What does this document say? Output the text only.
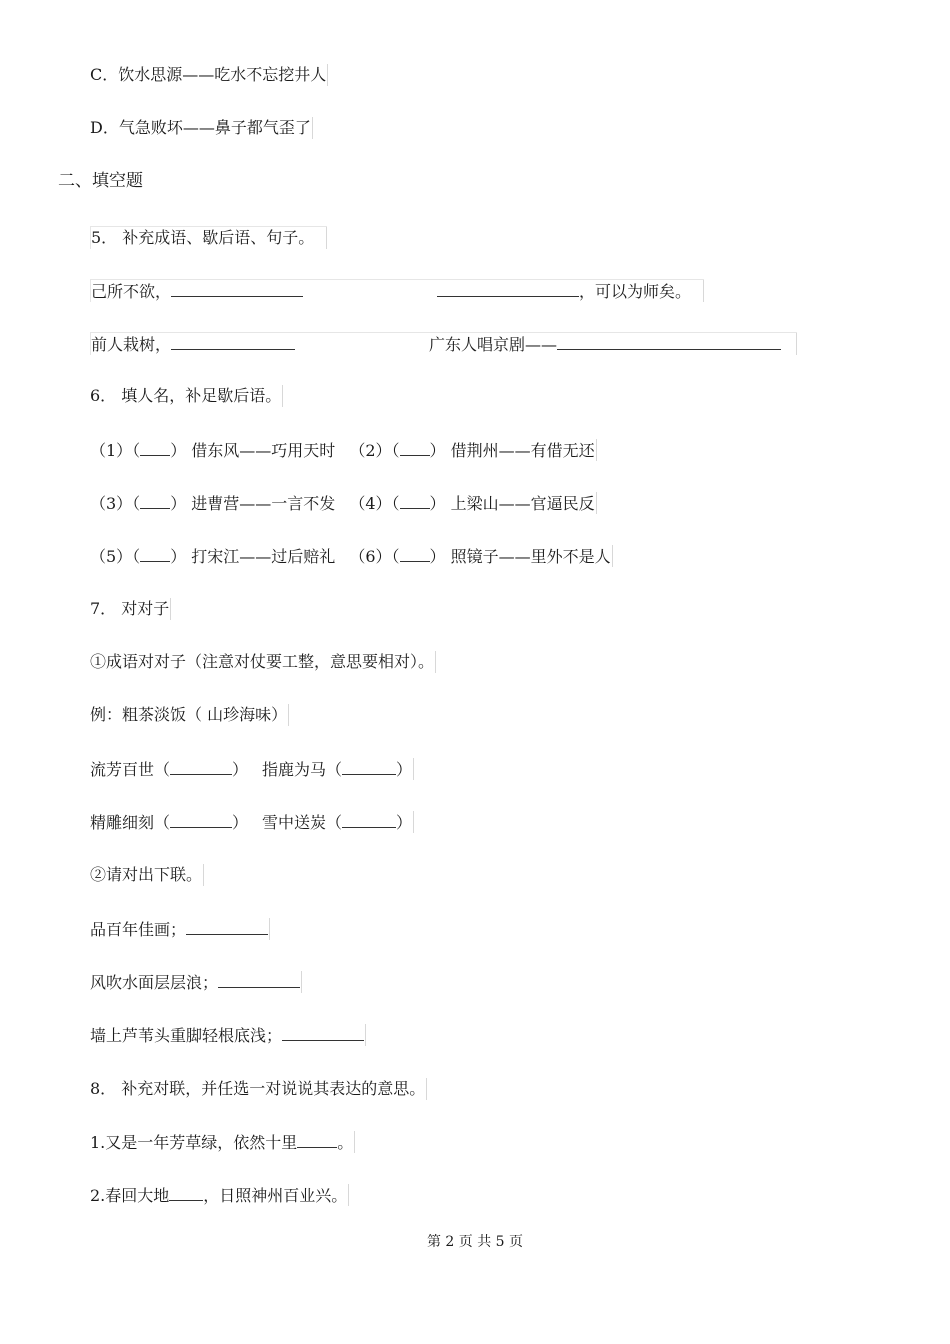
C．饮水思源——吃水不忘挖井人
D．气急败坏——鼻子都气歪了
二、填空题
5． 补充成语、歇后语、句子。
己所不欲，	，可以为师矣。
前人栽树，	广东人唱京剧——
6． 填人名，补足歇后语。
（1）（ ） 借东风——巧用天时 （2）（ ） 借荆州——有借无还
（3）（ ） 进曹营——一言不发 （4）（ ） 上梁山——官逼民反
（5）（ ） 打宋江——过后赔礼 （6）（ ） 照镜子——里外不是人
7． 对对子
①成语对对子（注意对仗要工整，意思要相对）。
例：粗茶淡饭（ 山珍海味）
流芳百世（	） 指鹿为马（	）
精雕细刻（	） 雪中送炭（	）
②请对出下联。
品百年佳画；
风吹水面层层浪；
墙上芦苇头重脚轻根底浅；
8． 补充对联，并任选一对说说其表达的意思。
1.又是一年芳草绿，依然十里	。
2.春回大地 ，日照神州百业兴。
第 2 页 共 5 页
